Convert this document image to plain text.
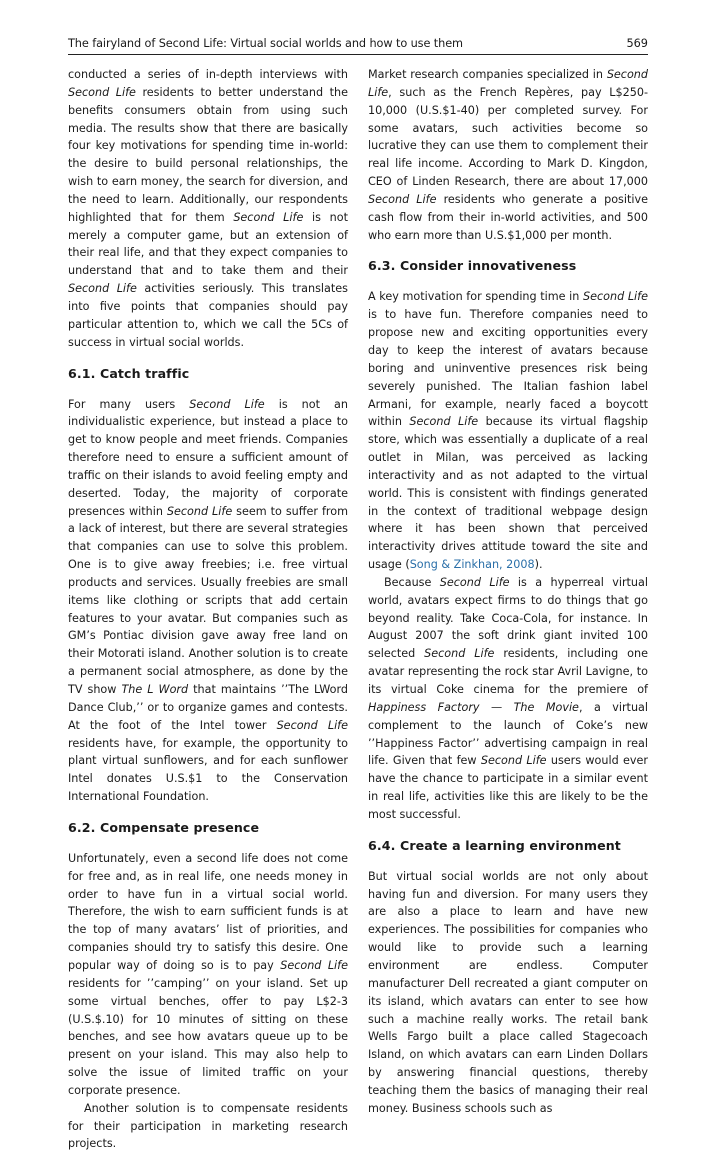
The fairyland of Second Life: Virtual social worlds and how to use them	569

conducted a series of in-depth interviews with Second Life residents to better understand the benefits consumers obtain from using such media. The results show that there are basically four key motivations for spending time in-world: the desire to build personal relationships, the wish to earn money, the search for diversion, and the need to learn. Additionally, our respondents highlighted that for them Second Life is not merely a computer game, but an extension of their real life, and that they expect companies to understand that and to take them and their Second Life activities seriously. This translates into five points that companies should pay particular attention to, which we call the 5Cs of success in virtual social worlds.

6.1. Catch traffic

For many users Second Life is not an individualistic experience, but instead a place to get to know people and meet friends. Companies therefore need to ensure a sufficient amount of traffic on their islands to avoid feeling empty and deserted. Today, the majority of corporate presences within Second Life seem to suffer from a lack of interest, but there are several strategies that companies can use to solve this problem. One is to give away freebies; i.e. free virtual products and services. Usually freebies are small items like clothing or scripts that add certain features to your avatar. But companies such as GM’s Pontiac division gave away free land on their Motorati island. Another solution is to create a permanent social atmosphere, as done by the TV show The L Word that maintains ’’The LWord Dance Club,’’ or to organize games and contests. At the foot of the Intel tower Second Life residents have, for example, the opportunity to plant virtual sunflowers, and for each sunflower Intel donates U.S.$1 to the Conservation International Foundation.

6.2. Compensate presence

Unfortunately, even a second life does not come for free and, as in real life, one needs money in order to have fun in a virtual social world. Therefore, the wish to earn sufficient funds is at the top of many avatars’ list of priorities, and companies should try to satisfy this desire. One popular way of doing so is to pay Second Life residents for ’’camping’’ on your island. Set up some virtual benches, offer to pay L$2-3 (U.S.$.10) for 10 minutes of sitting on these benches, and see how avatars queue up to be present on your island. This may also help to solve the issue of limited traffic on your corporate presence.

Another solution is to compensate residents for their participation in marketing research projects.

Market research companies specialized in Second Life, such as the French Repères, pay L$250-10,000 (U.S.$1-40) per completed survey. For some avatars, such activities become so lucrative they can use them to complement their real life income. According to Mark D. Kingdon, CEO of Linden Research, there are about 17,000 Second Life residents who generate a positive cash flow from their in-world activities, and 500 who earn more than U.S.$1,000 per month.

6.3. Consider innovativeness

A key motivation for spending time in Second Life is to have fun. Therefore companies need to propose new and exciting opportunities every day to keep the interest of avatars because boring and uninventive presences risk being severely punished. The Italian fashion label Armani, for example, nearly faced a boycott within Second Life because its virtual flagship store, which was essentially a duplicate of a real outlet in Milan, was perceived as lacking interactivity and as not adapted to the virtual world. This is consistent with findings generated in the context of traditional webpage design where it has been shown that perceived interactivity drives attitude toward the site and usage (Song & Zinkhan, 2008).

Because Second Life is a hyperreal virtual world, avatars expect firms to do things that go beyond reality. Take Coca-Cola, for instance. In August 2007 the soft drink giant invited 100 selected Second Life residents, including one avatar representing the rock star Avril Lavigne, to its virtual Coke cinema for the premiere of Happiness Factory — The Movie, a virtual complement to the launch of Coke’s new ’’Happiness Factor’’ advertising campaign in real life. Given that few Second Life users would ever have the chance to participate in a similar event in real life, activities like this are likely to be the most successful.

6.4. Create a learning environment

But virtual social worlds are not only about having fun and diversion. For many users they are also a place to learn and have new experiences. The possibilities for companies who would like to provide such a learning environment are endless. Computer manufacturer Dell recreated a giant computer on its island, which avatars can enter to see how such a machine really works. The retail bank Wells Fargo built a place called Stagecoach Island, on which avatars can earn Linden Dollars by answering financial questions, thereby teaching them the basics of managing their real money. Business schools such as
